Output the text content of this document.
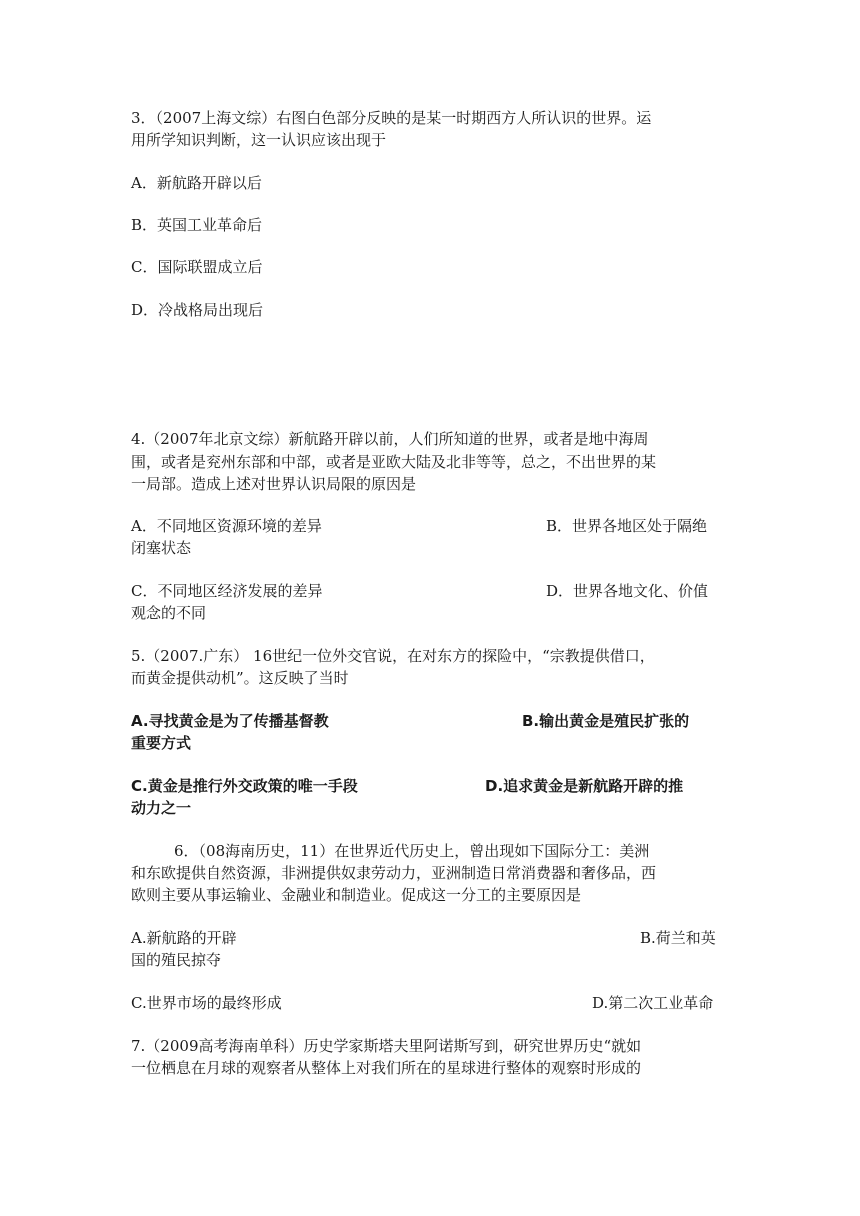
3．（2007上海文综）右图白色部分反映的是某一时期西方人所认识的世界。运
用所学知识判断，这一认识应该出现于
A．新航路开辟以后
B．英国工业革命后
C．国际联盟成立后
D．冷战格局出现后
4.（2007年北京文综）新航路开辟以前，人们所知道的世界，或者是地中海周
围，或者是兖州东部和中部，或者是亚欧大陆及北非等等，总之，不出世界的某
一局部。造成上述对世界认识局限的原因是
A．不同地区资源环境的差异	B．世界各地区处于隔绝
闭塞状态
C．不同地区经济发展的差异	D．世界各地文化、价值
观念的不同
5.（2007.广东） 16世纪一位外交官说，在对东方的探险中，“宗教提供借口，
而黄金提供动机”。这反映了当时
A.寻找黄金是为了传播基督教	B.输出黄金是殖民扩张的
重要方式
C.黄金是推行外交政策的唯一手段	D.追求黄金是新航路开辟的推
动力之一
6．（08海南历史，11）在世界近代历史上，曾出现如下国际分工：美洲
和东欧提供自然资源，非洲提供奴隶劳动力，亚洲制造日常消费器和奢侈品，西
欧则主要从事运输业、金融业和制造业。促成这一分工的主要原因是
A.新航路的开辟	B.荷兰和英
国的殖民掠夺
C.世界市场的最终形成	D.第二次工业革命
7.（2009高考海南单科）历史学家斯塔夫里阿诺斯写到，研究世界历史“就如
一位栖息在月球的观察者从整体上对我们所在的星球进行整体的观察时形成的
